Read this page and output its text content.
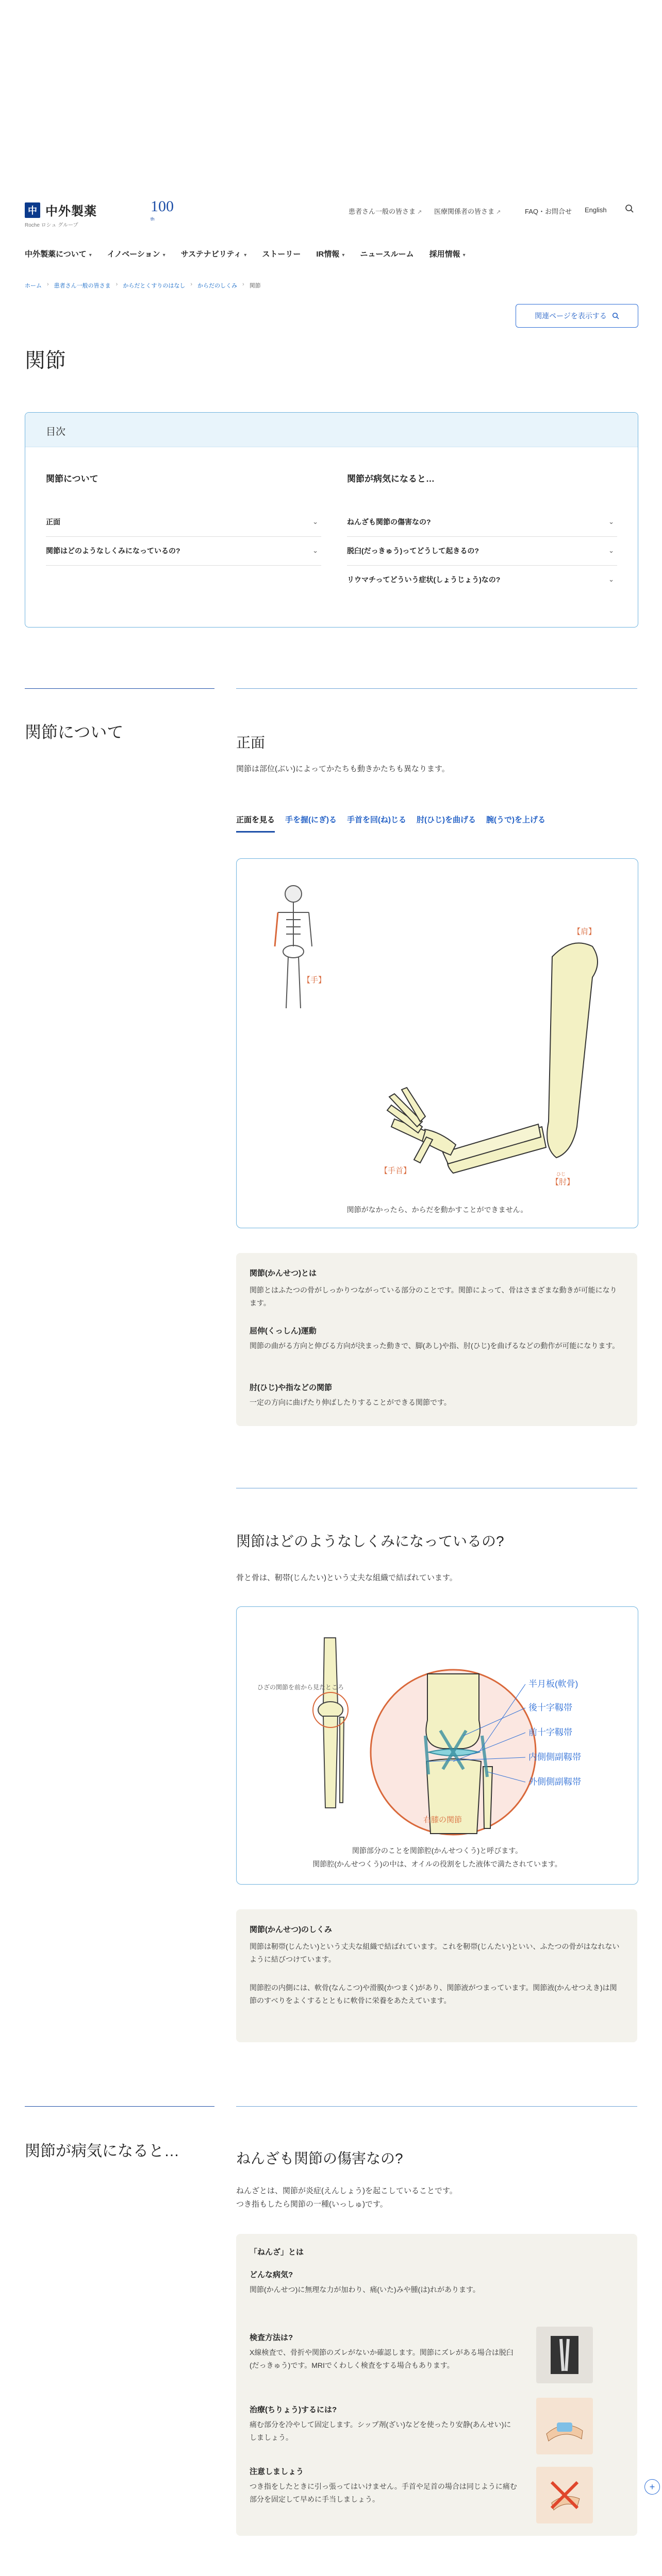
中 中外製薬
Roche ロシュ グループ
100
th
患者さん一般の皆さま ↗ 医療関係者の皆さま ↗	FAQ・お問合せ English
中外製薬について ▾ イノベーション ▾ サステナビリティ ▾ ストーリー IR情報 ▾ ニュースルーム 採用情報 ▾
ホーム › 患者さん一般の皆さま › からだとくすりのはなし › からだのしくみ › 関節
関連ページを表示する
関節
目次
関節について	関節が病気になると…
正面	⌄
関節はどのようなしくみになっているの?	⌄
ねんざも関節の傷害なの?	⌄
脱臼(だっきゅう)ってどうして起きるの?	⌄
リウマチってどういう症状(しょうじょう)なの?	⌄
関節について
正面

関節は部位(ぶい)によってかたちも動きかたちも異なります。

正面を見る 手を握(にぎ)る 手首を回(ね)じる 肘(ひじ)を曲げる 腕(うで)を上げる
【肩】
【手】
【手首】	ひじ
【肘】
関節がなかったら、からだを動かすことができません。
関節(かんせつ)とは
関節とはふたつの骨がしっかりつながっている部分のことです。関節によって、骨はさまざまな動きが可能になります。
屈伸(くっしん)運動
関節の曲がる方向と伸びる方向が決まった動きで、脚(あし)や指、肘(ひじ)を曲げるなどの動作が可能になります。
肘(ひじ)や指などの関節
一定の方向に曲げたり伸ばしたりすることができる関節です。
関節はどのようなしくみになっているの?

骨と骨は、靭帯(じんたい)という丈夫な組織で結ばれています。

ひざの関節を前から見たところ	半月板(軟骨)
後十字靱帯
前十字靱帯
内側側副靱帯
外側側副靱帯
右膝の関節
関節部分のことを関節腔(かんせつくう)と呼びます。
関節腔(かんせつくう)の中は、オイルの役割をした液体で満たされています。
関節(かんせつ)のしくみ
関節は靭帯(じんたい)という丈夫な組織で結ばれています。これを靭帯(じんたい)といい、ふたつの骨がはなれないように結びつけています。
関節腔の内側には、軟骨(なんこつ)や滑膜(かつまく)があり、関節液がつまっています。関節液(かんせつえき)は関節のすべりをよくするとともに軟骨に栄養をあたえています。
関節が病気になると…	ねんざも関節の傷害なの?

ねんざとは、関節が炎症(えんしょう)を起こしていることです。

つき指もしたら関節の一種(いっしゅ)です。

「ねんざ」とは
どんな病気?
関節(かんせつ)に無理な力が加わり、痛(いた)みや腫(は)れがあります。
検査方法は?
X線検査で、骨折や関節のズレがないか確認します。関節にズレがある場合は脱臼(だっきゅう)です。MRIでくわしく検査をする場合もあります。
治療(ちりょう)するには?
痛む部分を冷やして固定します。シップ剤(ざい)などを使ったり安静(あんせい)にしましょう。
注意しましょう
つき指をしたときに引っ張ってはいけません。手首や足首の場合は同じように痛む部分を固定して早めに手当しましょう。
+
